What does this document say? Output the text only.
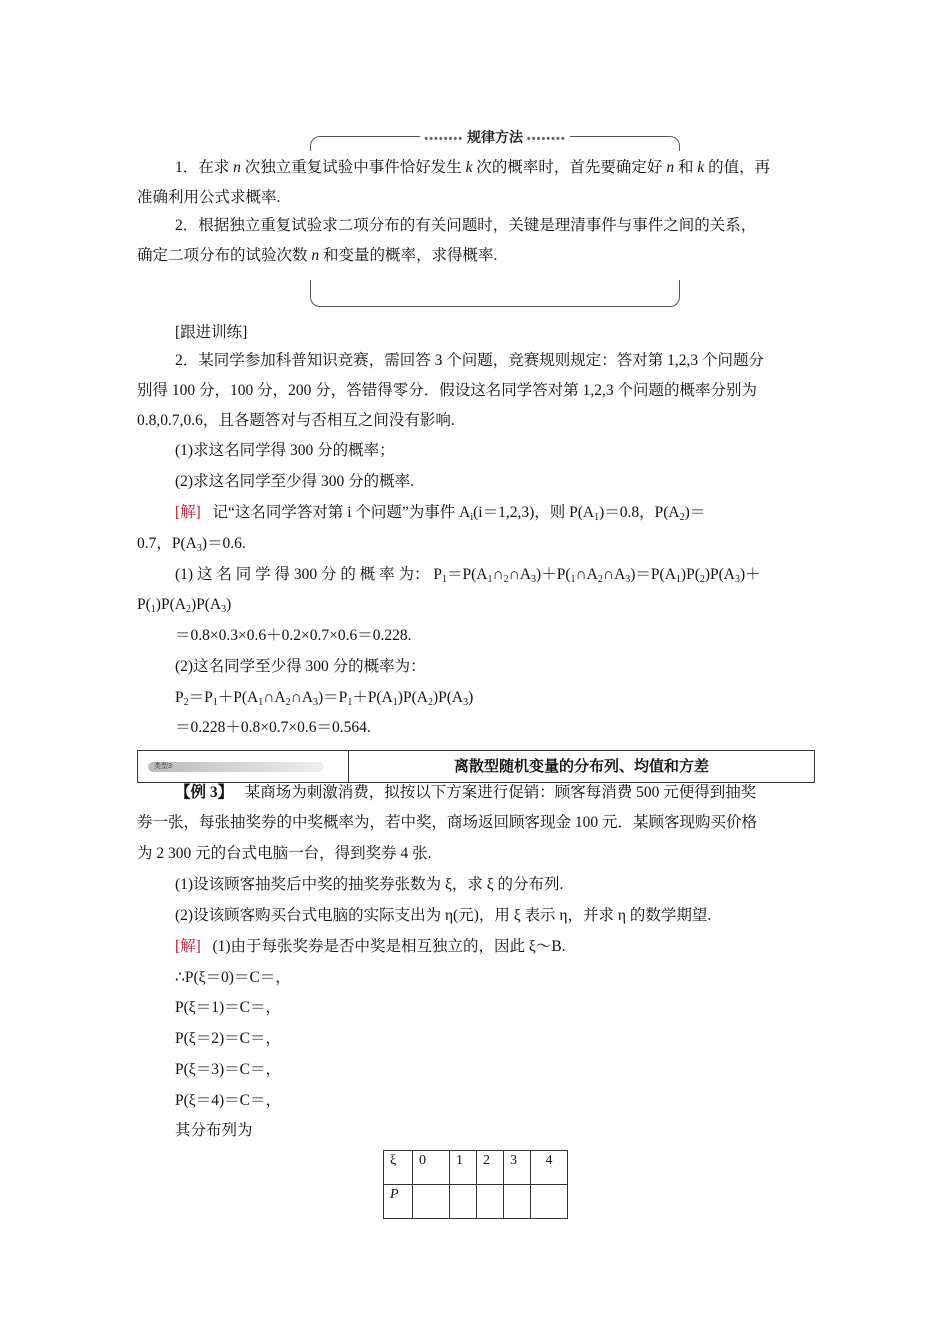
•••••••• 规律方法 ••••••••
1．在求 n 次独立重复试验中事件恰好发生 k 次的概率时，首先要确定好 n 和 k 的值，再
准确利用公式求概率.
2．根据独立重复试验求二项分布的有关问题时，关键是理清事件与事件之间的关系，
确定二项分布的试验次数 n 和变量的概率，求得概率.
[跟进训练]
2．某同学参加科普知识竞赛，需回答 3 个问题，竞赛规则规定：答对第 1,2,3 个问题分
别得 100 分，100 分，200 分，答错得零分．假设这名同学答对第 1,2,3 个问题的概率分别为
0.8,0.7,0.6，且各题答对与否相互之间没有影响.
(1)求这名同学得 300 分的概率；
(2)求这名同学至少得 300 分的概率.
[解] 记“这名同学答对第 i 个问题”为事件 $A_i(i=1,2,3)$，则 $P(A_1)=0.8$，$P(A_2)=$
0.7，$P(A_3)=0.6$.
(1) 这 名 同 学 得 300 分 的 概 率 为： $P_1=P(A_1\cap_2\cap A_3)+P(_1\cap A_2\cap A_3)=P(A_1)P(_2)P(A_3)+$
$P(_1)P(A_2)P(A_3)$
＝0.8×0.3×0.6＋0.2×0.7×0.6＝0.228.
(2)这名同学至少得 300 分的概率为：
$P_2=P_1+P(A_1\cap A_2\cap A_3)=P_1+P(A_1)P(A_2)P(A_3)$
＝0.228＋0.8×0.7×0.6＝0.564.
类型3	离散型随机变量的分布列、均值和方差
【例 3】 某商场为刺激消费，拟按以下方案进行促销：顾客每消费 500 元便得到抽奖
券一张，每张抽奖券的中奖概率为，若中奖，商场返回顾客现金 100 元．某顾客现购买价格
为 2 300 元的台式电脑一台，得到奖券 4 张.
(1)设该顾客抽奖后中奖的抽奖券张数为 ξ，求 ξ 的分布列.
(2)设该顾客购买台式电脑的实际支出为 η(元)，用 ξ 表示 η，并求 η 的数学期望.
[解] (1)由于每张奖券是否中奖是相互独立的，因此 ξ～B.
∴P(ξ＝0)＝C＝，
P(ξ＝1)＝C＝，
P(ξ＝2)＝C＝，
P(ξ＝3)＝C＝，
P(ξ＝4)＝C＝，
其分布列为
ξ	0	1	2	3	4
P					
